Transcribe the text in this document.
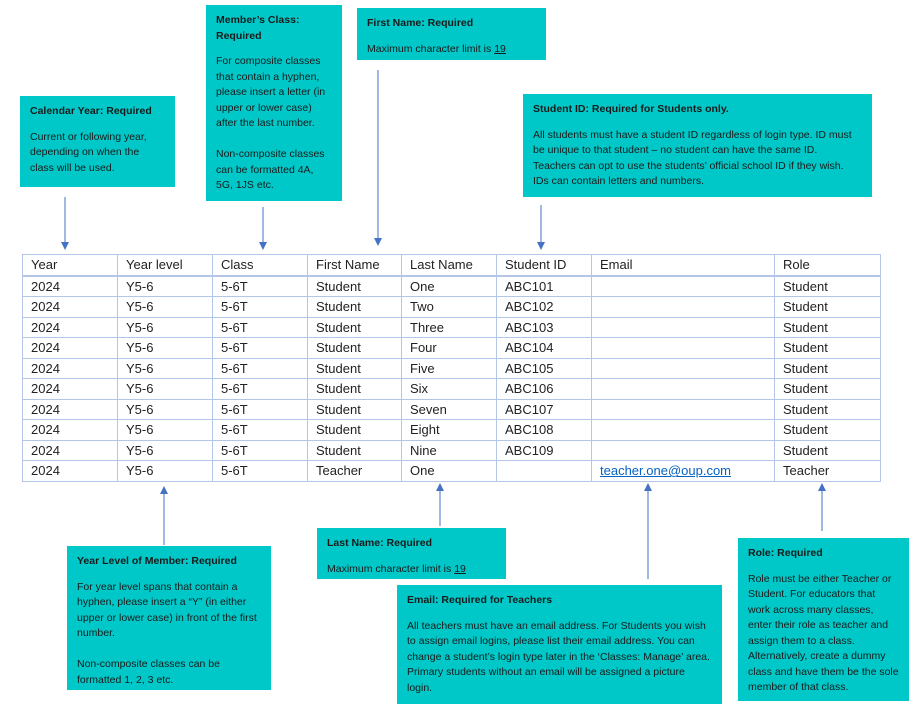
Calendar Year: Required
Current or following year, depending on when the class will be used.
Member’s Class: Required
For composite classes that contain a hyphen, please insert a letter (in upper or lower case) after the last number.

Non-composite classes can be formatted 4A, 5G, 1JS etc.
First Name: Required
Maximum character limit is 19
Student ID: Required for Students only.
All students must have a student ID regardless of login type. ID must be unique to that student – no student can have the same ID. Teachers can opt to use the students’ official school ID if they wish. IDs can contain letters and numbers.
Year Level of Member: Required
For year level spans that contain a hyphen, please insert a “Y” (in either upper or lower case) in front of the first number.

Non-composite classes can be formatted 1, 2, 3 etc.
Last Name: Required
Maximum character limit is 19
Email: Required for Teachers
All teachers must have an email address. For Students you wish to assign email logins, please list their email address. You can change a student’s login type later in the ‘Classes: Manage’ area. Primary students without an email will be assigned a picture login.
Role: Required
Role must be either Teacher or Student. For educators that work across many classes, enter their role as teacher and assign them to a class. Alternatively, create a dummy class and have them be the sole member of that class.
Year	Year level	Class	First Name	Last Name	Student ID	Email	Role
2024	Y5-6	5-6T	Student	One	ABC101		Student
2024	Y5-6	5-6T	Student	Two	ABC102		Student
2024	Y5-6	5-6T	Student	Three	ABC103		Student
2024	Y5-6	5-6T	Student	Four	ABC104		Student
2024	Y5-6	5-6T	Student	Five	ABC105		Student
2024	Y5-6	5-6T	Student	Six	ABC106		Student
2024	Y5-6	5-6T	Student	Seven	ABC107		Student
2024	Y5-6	5-6T	Student	Eight	ABC108		Student
2024	Y5-6	5-6T	Student	Nine	ABC109		Student
2024	Y5-6	5-6T	Teacher	One		teacher.one@oup.com	Teacher
